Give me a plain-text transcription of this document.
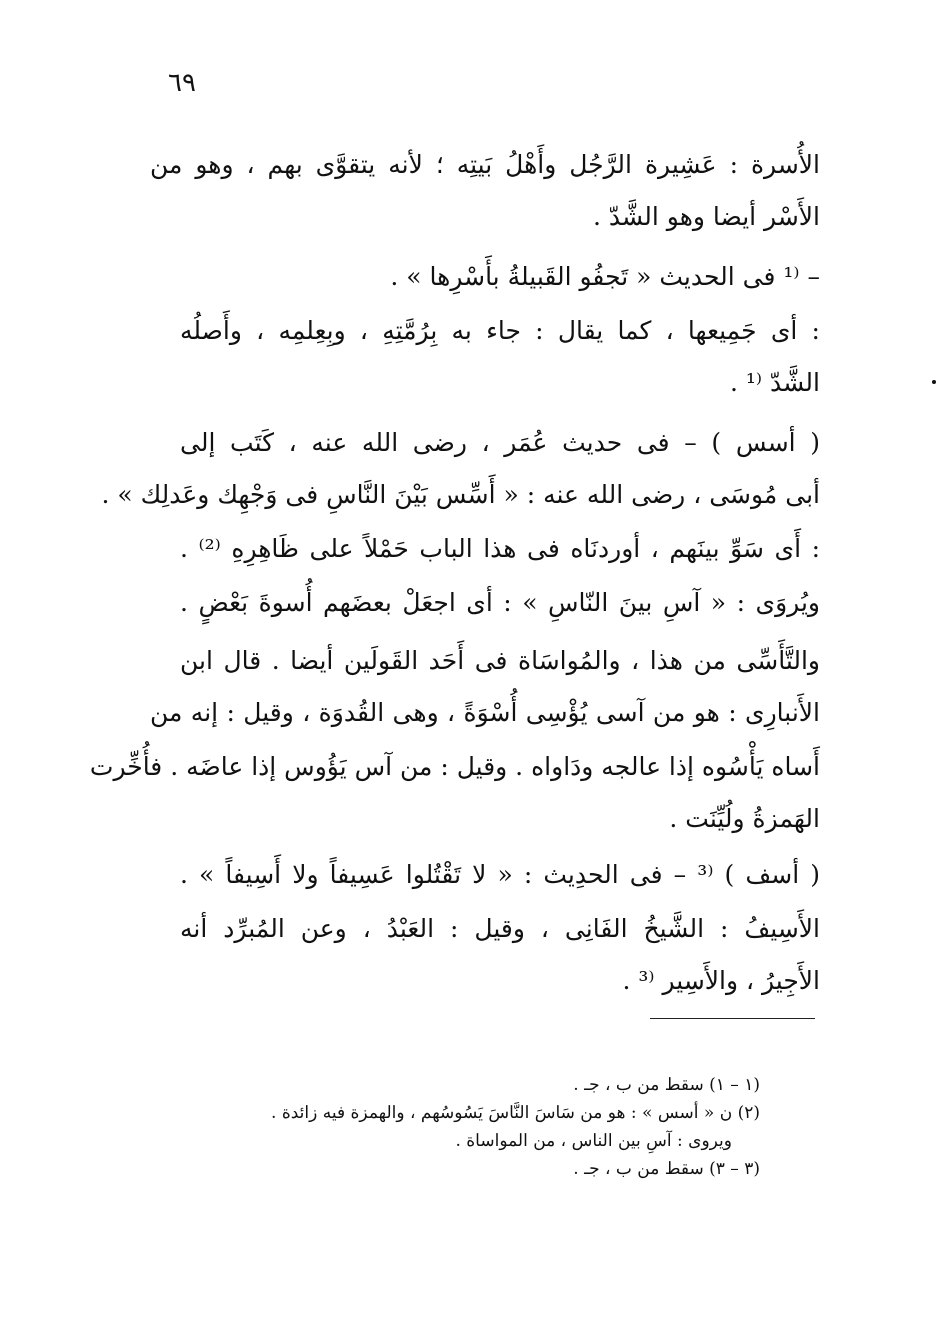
٦٩
الأُسرة : عَشِيرة الرَّجُل وأَهْلُ بَيتِه ؛ لأنه يتقوَّى بهم ، وهو من
الأَسْر أيضا وهو الشَّدّ .
– ⁽¹ فى الحديث « تَجفُو القَبيلةُ بأَسْرِها » .
: أى جَمِيعها ، كما يقال : جاء به بِرُمَّتِهِ ، وبِعِلمِه ، وأَصلُه
الشَّدّ ⁽¹ .
( أسس ) – فى حديث عُمَر ، رضى الله عنه ، كَتَب إلى
أبى مُوسَى ، رضى الله عنه : « أَسِّس بَيْنَ النَّاسِ فى وَجْهِك وعَدلِك » .
: أَى سَوِّ بينَهم ، أوردنَاه فى هذا الباب حَمْلاً على ظَاهِرِهِ ⁽²⁾ .
ويُروَى : « آسِ بينَ النّاسِ » : أى اجعَلْ بعضَهم أُسوةَ بَعْضٍ .
والتَّأَسِّى من هذا ، والمُواسَاة فى أَحَد القَولَين أيضا . قال ابن
الأَنبارِى : هو من آسى يُؤْسِى أُسْوَةً ، وهى القُدوَة ، وقيل : إنه من
أَساه يَأْسُوه إذا عالجه ودَاواه . وقيل : من آس يَؤُوس إذا عاضَه . فأُخِّرت
الهَمزةُ ولُيِّنَت .
( أسف ) ⁽³ – فى الحدِيث : « لا تَقْتُلوا عَسِيفاً ولا أَسِيفاً » .
الأَسِيفُ : الشَّيخُ الفَانِى ، وقيل : العَبْدُ ، وعن المُبرِّد أنه
الأَجِيرُ ، والأَسِير ⁽³ .
(١ – ١) سقط من ب ، جـ .
(٢) ن « أسس » : هو من سَاسَ النَّاسَ يَسُوسُهم ، والهمزة فيه زائدة .
ويروى : آسِ بين الناس ، من المواساة .
(٣ – ٣) سقط من ب ، جـ .
